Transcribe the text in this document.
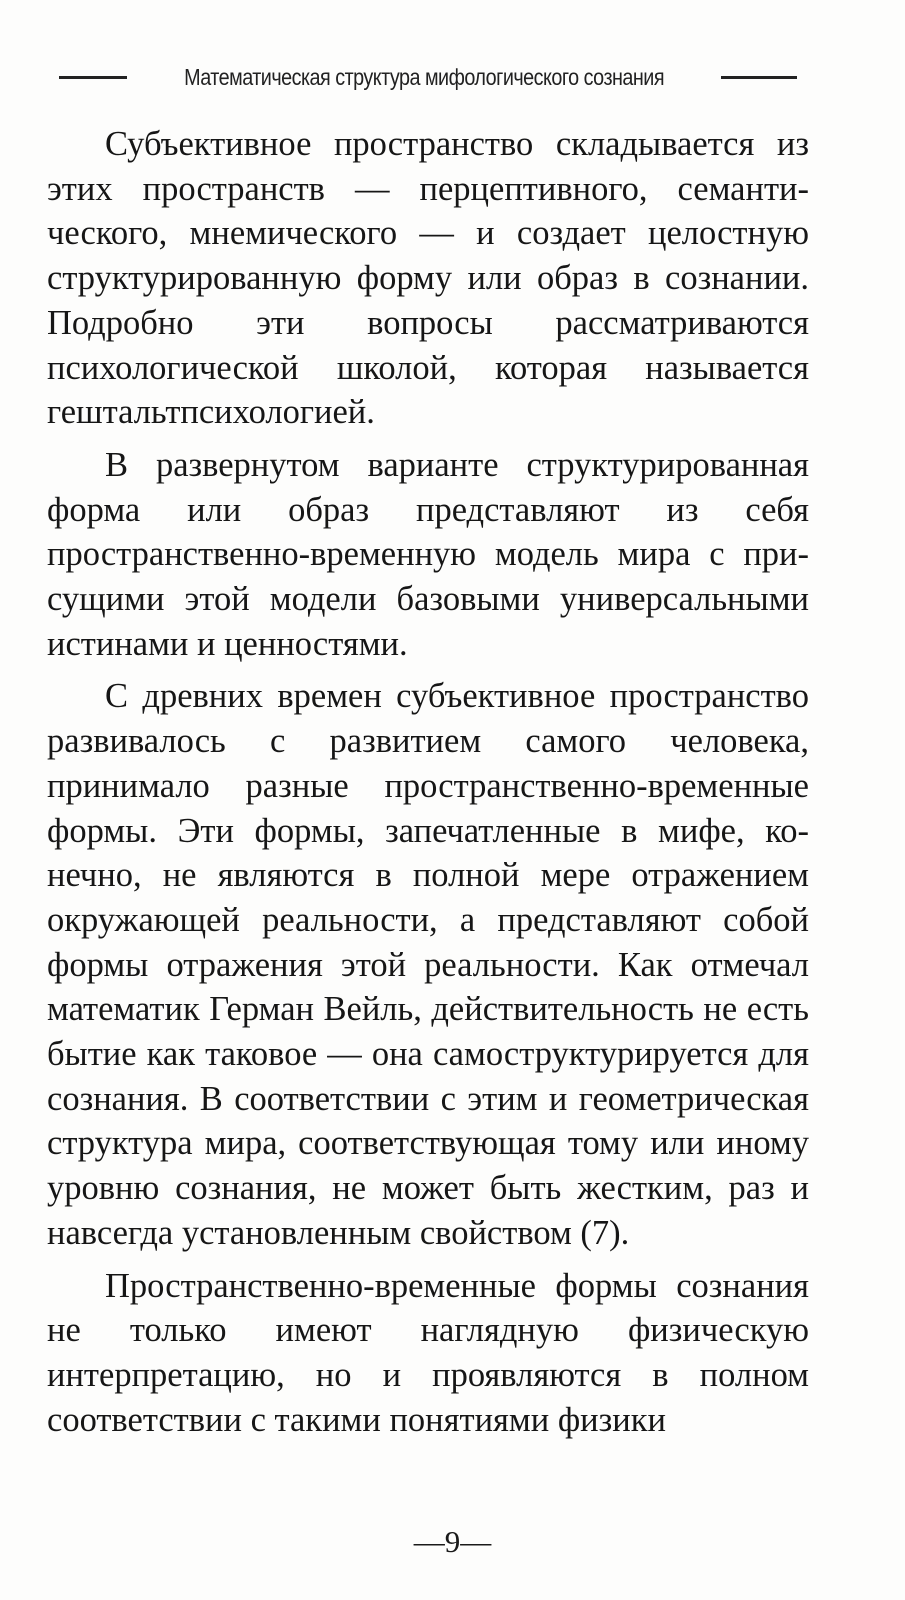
Математическая структура мифологического сознания

Субъективное пространство складывается из этих пространств — перцептивного, семантического, мнемического — и создает целостную структурированную форму или образ в сознании. Подробно эти вопросы рассматриваются психологической школой, которая называется гештальтпсихологией.

В развернутом варианте структурированная форма или образ представляют из себя пространственно-временную модель мира с присущими этой модели базовыми универсальными истинами и ценностями.

С древних времен субъективное пространство развивалось с развитием самого человека, принимало разные пространственно-временные формы. Эти формы, запечатленные в мифе, конечно, не являются в полной мере отражением окружающей реальности, а представляют собой формы отражения этой реальности. Как отмечал математик Герман Вейль, действительность не есть бытие как таковое — она самоструктурируется для сознания. В соответствии с этим и геометрическая структура мира, соответствующая тому или иному уровню сознания, не может быть жестким, раз и навсегда установленным свойством (7).

Пространственно-временные формы сознания не только имеют наглядную физическую интерпретацию, но и проявляются в полном соответствии с такими понятиями физики

—9—
